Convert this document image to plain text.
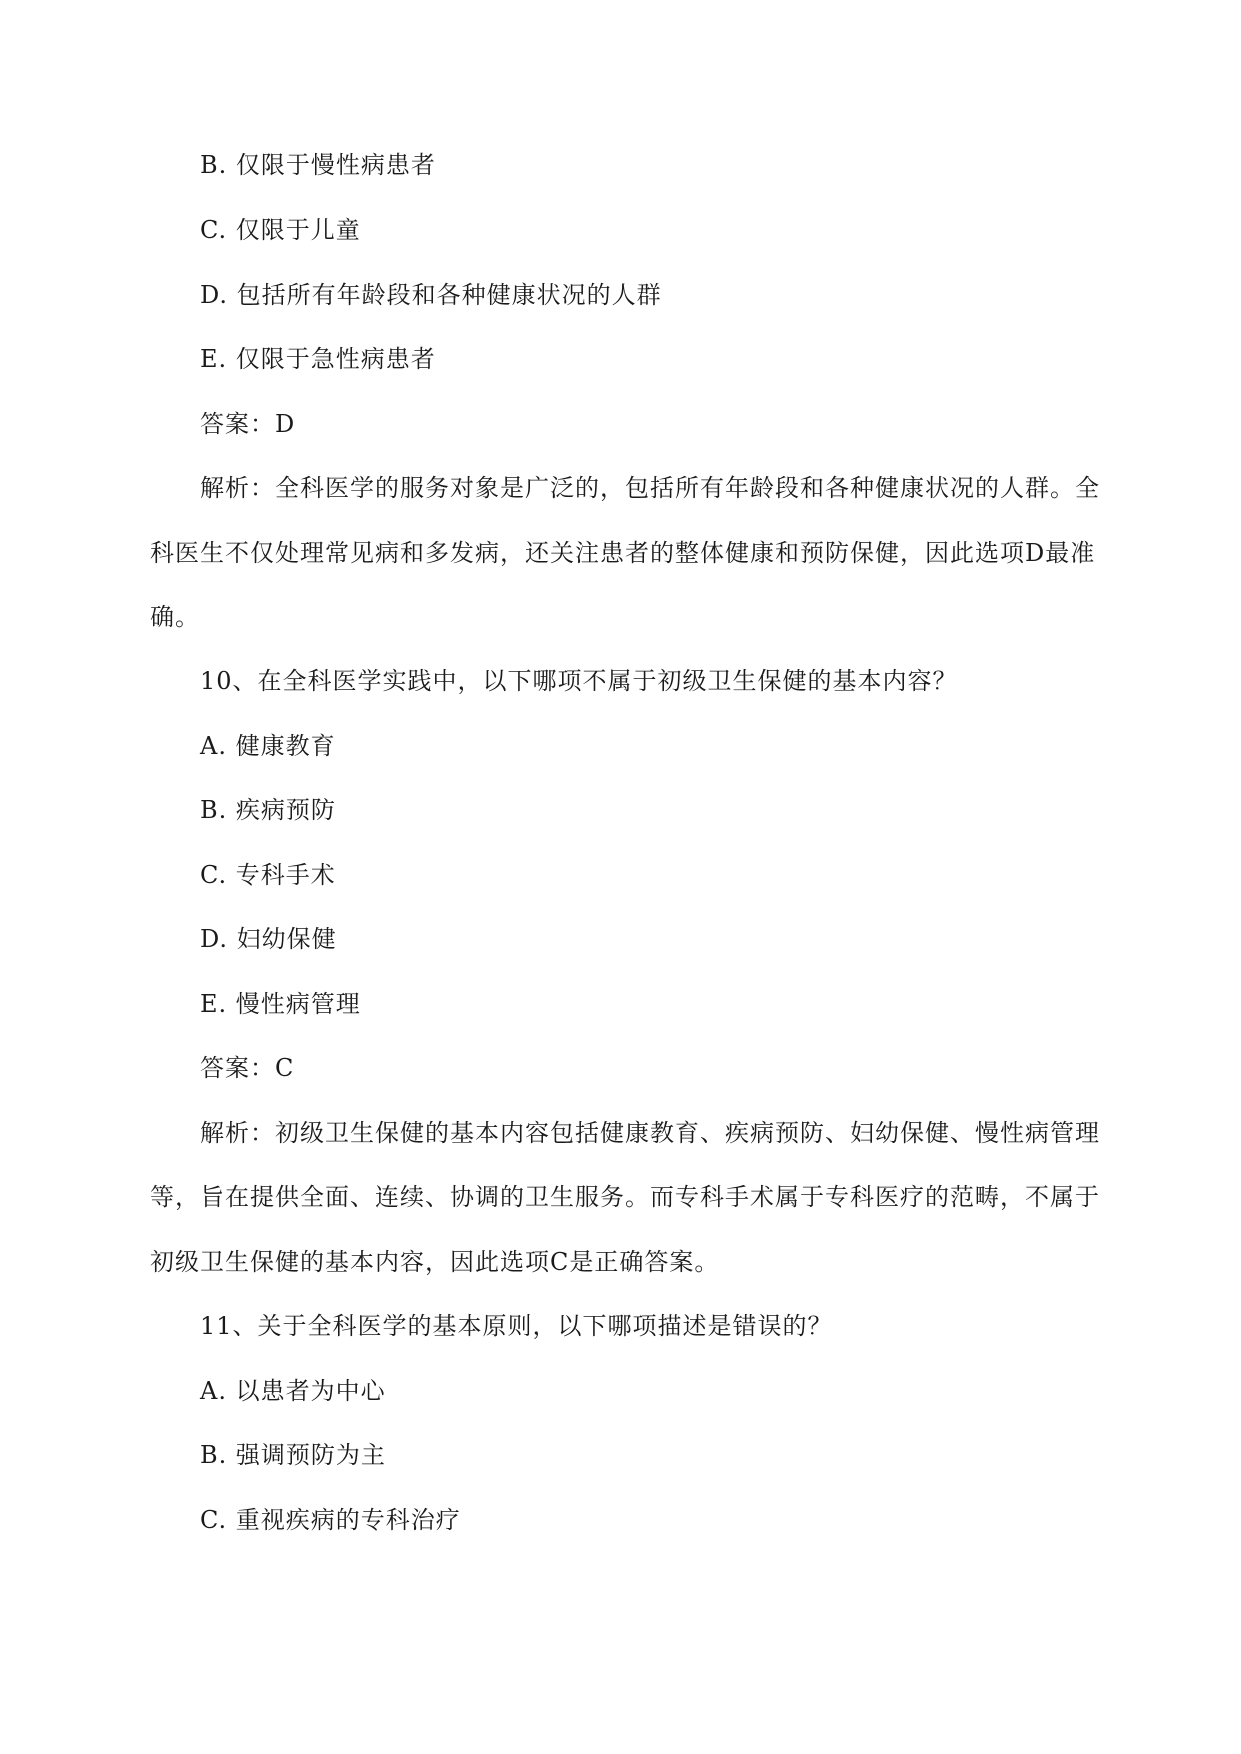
B. 仅限于慢性病患者
C. 仅限于儿童
D. 包括所有年龄段和各种健康状况的人群
E. 仅限于急性病患者
答案：D
解析：全科医学的服务对象是广泛的，包括所有年龄段和各种健康状况的人群。全
科医生不仅处理常见病和多发病，还关注患者的整体健康和预防保健，因此选项D最准
确。
10、在全科医学实践中，以下哪项不属于初级卫生保健的基本内容？
A. 健康教育
B. 疾病预防
C. 专科手术
D. 妇幼保健
E. 慢性病管理
答案：C
解析：初级卫生保健的基本内容包括健康教育、疾病预防、妇幼保健、慢性病管理
等，旨在提供全面、连续、协调的卫生服务。而专科手术属于专科医疗的范畴，不属于
初级卫生保健的基本内容，因此选项C是正确答案。
11、关于全科医学的基本原则，以下哪项描述是错误的？
A. 以患者为中心
B. 强调预防为主
C. 重视疾病的专科治疗
